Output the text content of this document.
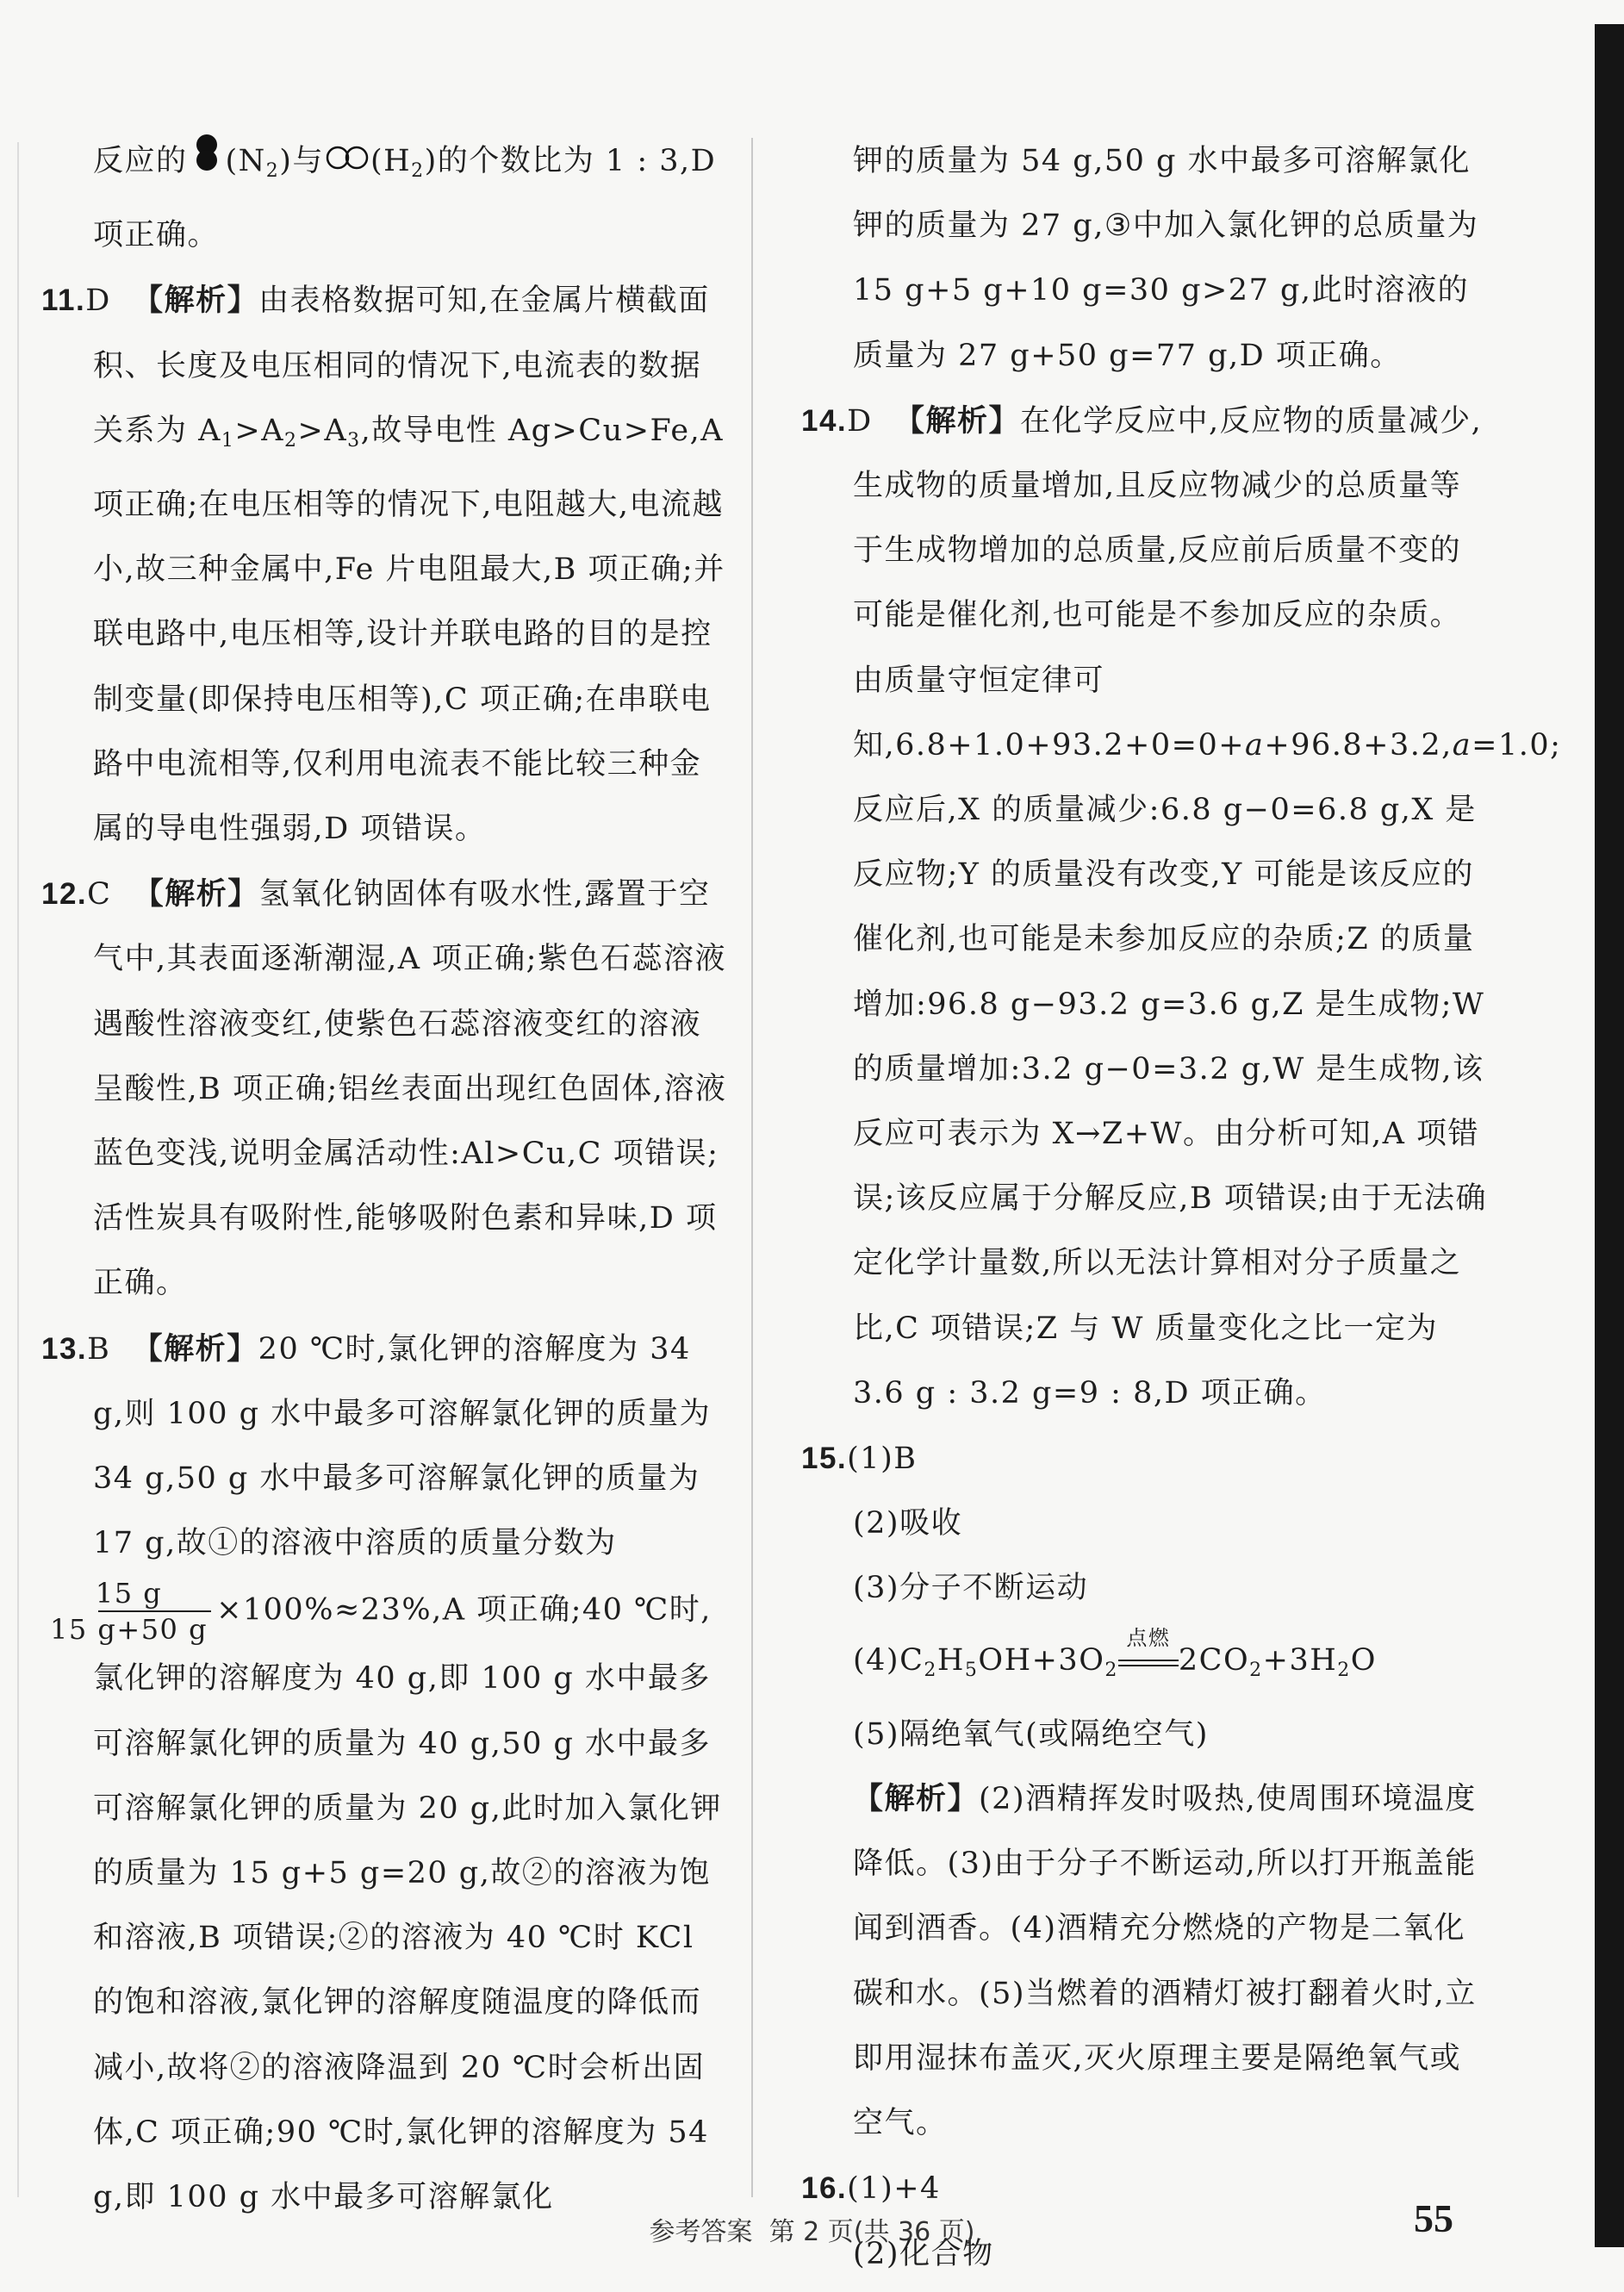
反应的 $(N_2)$与 $(H_2)$的个数比为 1 : 3,D
项正确。

11.D 【解析】由表格数据可知,在金属片横截面积、长度及电压相同的情况下,电流表的数据关系为 $A_1>A_2>A_3$,故导电性 Ag>Cu>Fe,A 项正确;在电压相等的情况下,电阻越大,电流越小,故三种金属中,Fe 片电阻最大,B 项正确;并联电路中,电压相等,设计并联电路的目的是控制变量(即保持电压相等),C 项正确;在串联电路中电流相等,仅利用电流表不能比较三种金属的导电性强弱,D 项错误。

12.C 【解析】氢氧化钠固体有吸水性,露置于空气中,其表面逐渐潮湿,A 项正确;紫色石蕊溶液遇酸性溶液变红,使紫色石蕊溶液变红的溶液呈酸性,B 项正确;铝丝表面出现红色固体,溶液蓝色变浅,说明金属活动性:Al>Cu,C 项错误;活性炭具有吸附性,能够吸附色素和异味,D 项正确。

13.B 【解析】20 ℃时,氯化钾的溶解度为 34 g,则 100 g 水中最多可溶解氯化钾的质量为 34 g,50 g 水中最多可溶解氯化钾的质量为 17 g,故①的溶液中溶质的质量分数为
$\frac{15 g}{15 g+50 g} \times 100\%\approx 23\%,A$ 项正确;40 ℃时,氯化钾的溶解度为 40 g,即 100 g 水中最多可溶解氯化钾的质量为 40 g,50 g 水中最多可溶解氯化钾的质量为 20 g,此时加入氯化钾的质量为 15 g+5 g=20 g,故②的溶液为饱和溶液,B 项错误;②的溶液为 40 ℃时 KCl 的饱和溶液,氯化钾的溶解度随温度的降低而减小,故将②的溶液降温到 20 ℃时会析出固体,C 项正确;90 ℃时,氯化钾的溶解度为 54 g,即 100 g 水中最多可溶解氯化

钾的质量为 54 g,50 g 水中最多可溶解氯化钾的质量为 27 g,③中加入氯化钾的总质量为 15 g+5 g+10 g=30 g>27 g,此时溶液的质量为 27 g+50 g=77 g,D 项正确。

14.D 【解析】在化学反应中,反应物的质量减少,生成物的质量增加,且反应物减少的总质量等于生成物增加的总质量,反应前后质量不变的可能是催化剂,也可能是不参加反应的杂质。由质量守恒定律可知,6.8+1.0+93.2+0=0+a+96.8+3.2,a=1.0;反应后,X 的质量减少:6.8 g−0=6.8 g,X 是反应物;Y 的质量没有改变,Y 可能是该反应的催化剂,也可能是未参加反应的杂质;Z 的质量增加:96.8 g−93.2 g=3.6 g,Z 是生成物;W 的质量增加:3.2 g−0=3.2 g,W 是生成物,该反应可表示为 X→Z+W。由分析可知,A 项错误;该反应属于分解反应,B 项错误;由于无法确定化学计量数,所以无法计算相对分子质量之比,C 项错误;Z 与 W 质量变化之比一定为 3.6 g : 3.2 g=9 : 8,D 项正确。

15.(1)B

(2)吸收

(3)分子不断运动

$(4)C_2H_5OH+3O_2$
点燃
$2CO_2+3H_2O$

(5)隔绝氧气(或隔绝空气)

【解析】(2)酒精挥发时吸热,使周围环境温度降低。(3)由于分子不断运动,所以打开瓶盖能闻到酒香。(4)酒精充分燃烧的产物是二氧化碳和水。(5)当燃着的酒精灯被打翻着火时,立即用湿抹布盖灭,灭火原理主要是隔绝氧气或空气。

16.(1)+4

(2)化合物

参考答案 第 2 页(共 36 页)	55
